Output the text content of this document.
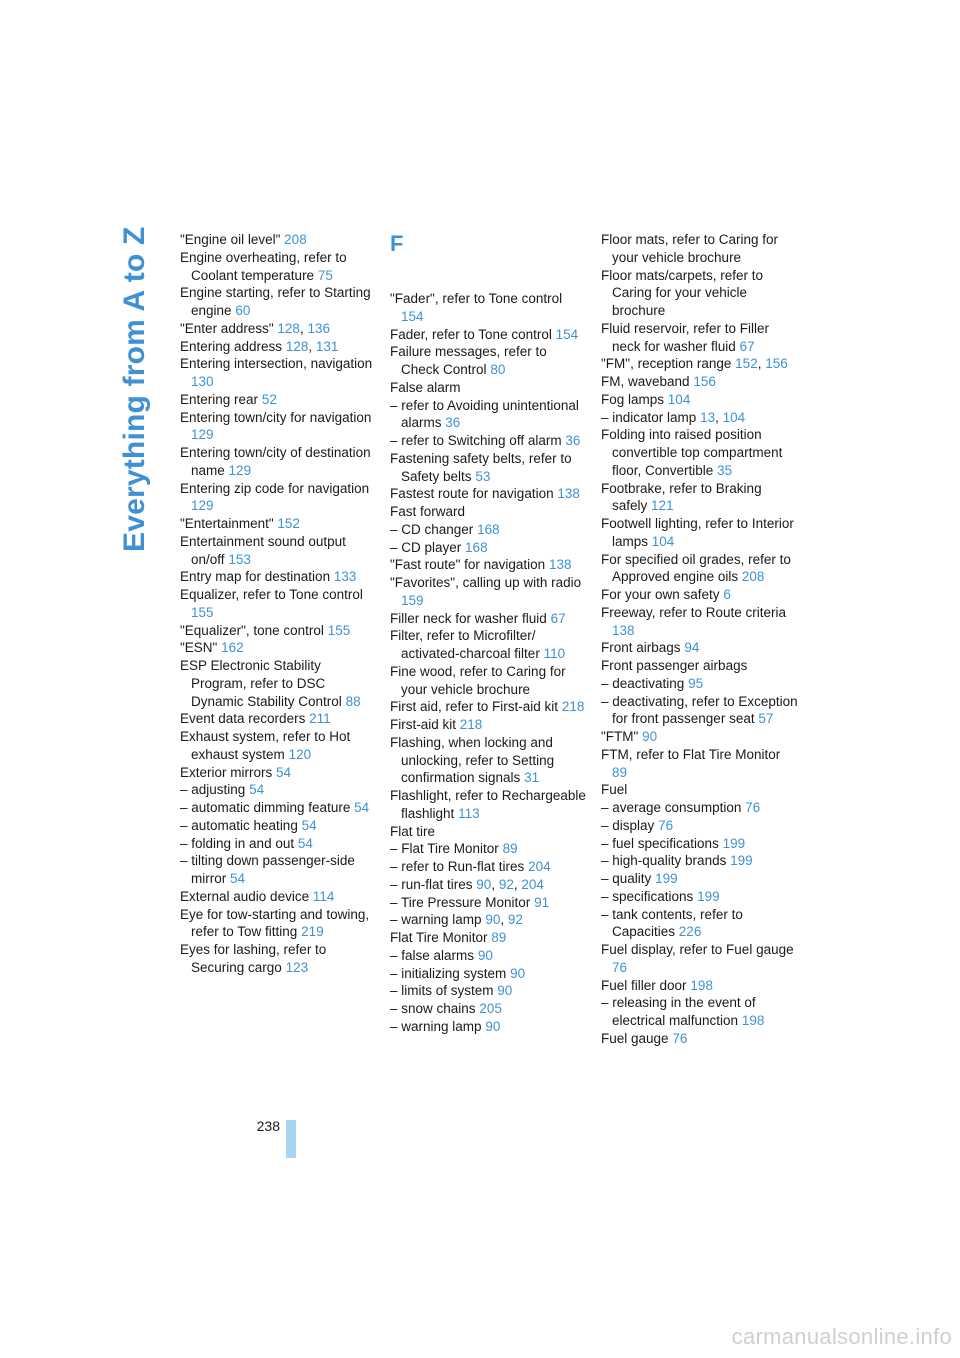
Everything from A to Z	"Engine oil level" 208
Engine overheating, refer to Coolant temperature 75
Engine starting, refer to Starting engine 60
"Enter address" 128, 136
Entering address 128, 131
Entering intersection, navigation 130
Entering rear 52
Entering town/city for navigation 129
Entering town/city of destination name 129
Entering zip code for navigation 129
"Entertainment" 152
Entertainment sound output on/off 153
Entry map for destination 133
Equalizer, refer to Tone control 155
"Equalizer", tone control 155
"ESN" 162
ESP Electronic Stability Program, refer to DSC Dynamic Stability Control 88
Event data recorders 211
Exhaust system, refer to Hot exhaust system 120
Exterior mirrors 54
– adjusting 54
– automatic dimming feature 54
– automatic heating 54
– folding in and out 54
– tilting down passenger-side mirror 54
External audio device 114
Eye for tow-starting and towing, refer to Tow fitting 219
Eyes for lashing, refer to Securing cargo 123
F
"Fader", refer to Tone control 154
Fader, refer to Tone control 154
Failure messages, refer to Check Control 80
False alarm
– refer to Avoiding unintentional alarms 36
– refer to Switching off alarm 36
Fastening safety belts, refer to Safety belts 53
Fastest route for navigation 138
Fast forward
– CD changer 168
– CD player 168
"Fast route" for navigation 138
"Favorites", calling up with radio 159
Filler neck for washer fluid 67
Filter, refer to Microfilter/ activated-charcoal filter 110
Fine wood, refer to Caring for your vehicle brochure
First aid, refer to First-aid kit 218
First-aid kit 218
Flashing, when locking and unlocking, refer to Setting confirmation signals 31
Flashlight, refer to Rechargeable flashlight 113
Flat tire
– Flat Tire Monitor 89
– refer to Run-flat tires 204
– run-flat tires 90, 92, 204
– Tire Pressure Monitor 91
– warning lamp 90, 92
Flat Tire Monitor 89
– false alarms 90
– initializing system 90
– limits of system 90
– snow chains 205
– warning lamp 90
Floor mats, refer to Caring for your vehicle brochure
Floor mats/carpets, refer to Caring for your vehicle brochure
Fluid reservoir, refer to Filler neck for washer fluid 67
"FM", reception range 152, 156
FM, waveband 156
Fog lamps 104
– indicator lamp 13, 104
Folding into raised position convertible top compartment floor, Convertible 35
Footbrake, refer to Braking safely 121
Footwell lighting, refer to Interior lamps 104
For specified oil grades, refer to Approved engine oils 208
For your own safety 6
Freeway, refer to Route criteria 138
Front airbags 94
Front passenger airbags
– deactivating 95
– deactivating, refer to Exception for front passenger seat 57
"FTM" 90
FTM, refer to Flat Tire Monitor 89
Fuel
– average consumption 76
– display 76
– fuel specifications 199
– high-quality brands 199
– quality 199
– specifications 199
– tank contents, refer to Capacities 226
Fuel display, refer to Fuel gauge 76
Fuel filler door 198
– releasing in the event of electrical malfunction 198
Fuel gauge 76
238
carmanualsonline.info
